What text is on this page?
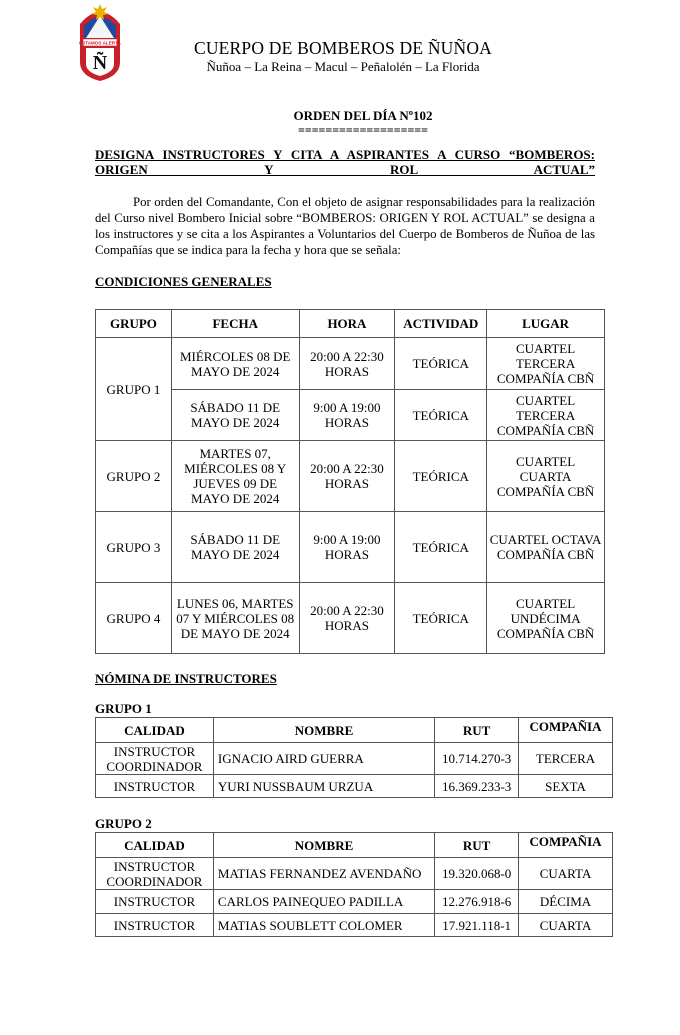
ESTAMOS ALERTA
Ñ
CUERPO DE BOMBEROS DE ÑUÑOA
Ñuñoa – La Reina – Macul – Peñalolén – La Florida
ORDEN DEL DÍA Nº102
===================
DESIGNA INSTRUCTORES Y CITA A ASPIRANTES A CURSO “BOMBEROS: ORIGEN Y ROL ACTUAL”
Por orden del Comandante, Con el objeto de asignar responsabilidades para la realización del Curso nivel Bombero Inicial sobre “BOMBEROS: ORIGEN Y ROL ACTUAL” se designa a los instructores y se cita a los Aspirantes a Voluntarios del Cuerpo de Bomberos de Ñuñoa de las Compañías que se indica para la fecha y hora que se señala:
CONDICIONES GENERALES
GRUPO	FECHA	HORA	ACTIVIDAD	LUGAR
GRUPO 1	MIÉRCOLES 08 DE MAYO DE 2024	20:00 A 22:30 HORAS	TEÓRICA	CUARTEL TERCERA COMPAÑÍA CBÑ
	SÁBADO 11 DE MAYO DE 2024	9:00 A 19:00 HORAS	TEÓRICA	CUARTEL TERCERA COMPAÑÍA CBÑ
GRUPO 2	MARTES 07, MIÉRCOLES 08 Y JUEVES 09 DE MAYO DE 2024	20:00 A 22:30 HORAS	TEÓRICA	CUARTEL CUARTA COMPAÑÍA CBÑ
GRUPO 3	SÁBADO 11 DE MAYO DE 2024	9:00 A 19:00 HORAS	TEÓRICA	CUARTEL OCTAVA COMPAÑÍA CBÑ
GRUPO 4	LUNES 06, MARTES 07 Y MIÉRCOLES 08 DE MAYO DE 2024	20:00 A 22:30 HORAS	TEÓRICA	CUARTEL UNDÉCIMA COMPAÑÍA CBÑ
NÓMINA DE INSTRUCTORES
GRUPO 1
CALIDAD	NOMBRE	RUT	COMPAÑIA
INSTRUCTOR COORDINADOR	IGNACIO AIRD GUERRA	10.714.270-3	TERCERA
INSTRUCTOR	YURI NUSSBAUM URZUA	16.369.233-3	SEXTA
GRUPO 2
CALIDAD	NOMBRE	RUT	COMPAÑIA
INSTRUCTOR COORDINADOR	MATIAS FERNANDEZ AVENDAÑO	19.320.068-0	CUARTA
INSTRUCTOR	CARLOS PAINEQUEO PADILLA	12.276.918-6	DÉCIMA
INSTRUCTOR	MATIAS SOUBLETT COLOMER	17.921.118-1	CUARTA
